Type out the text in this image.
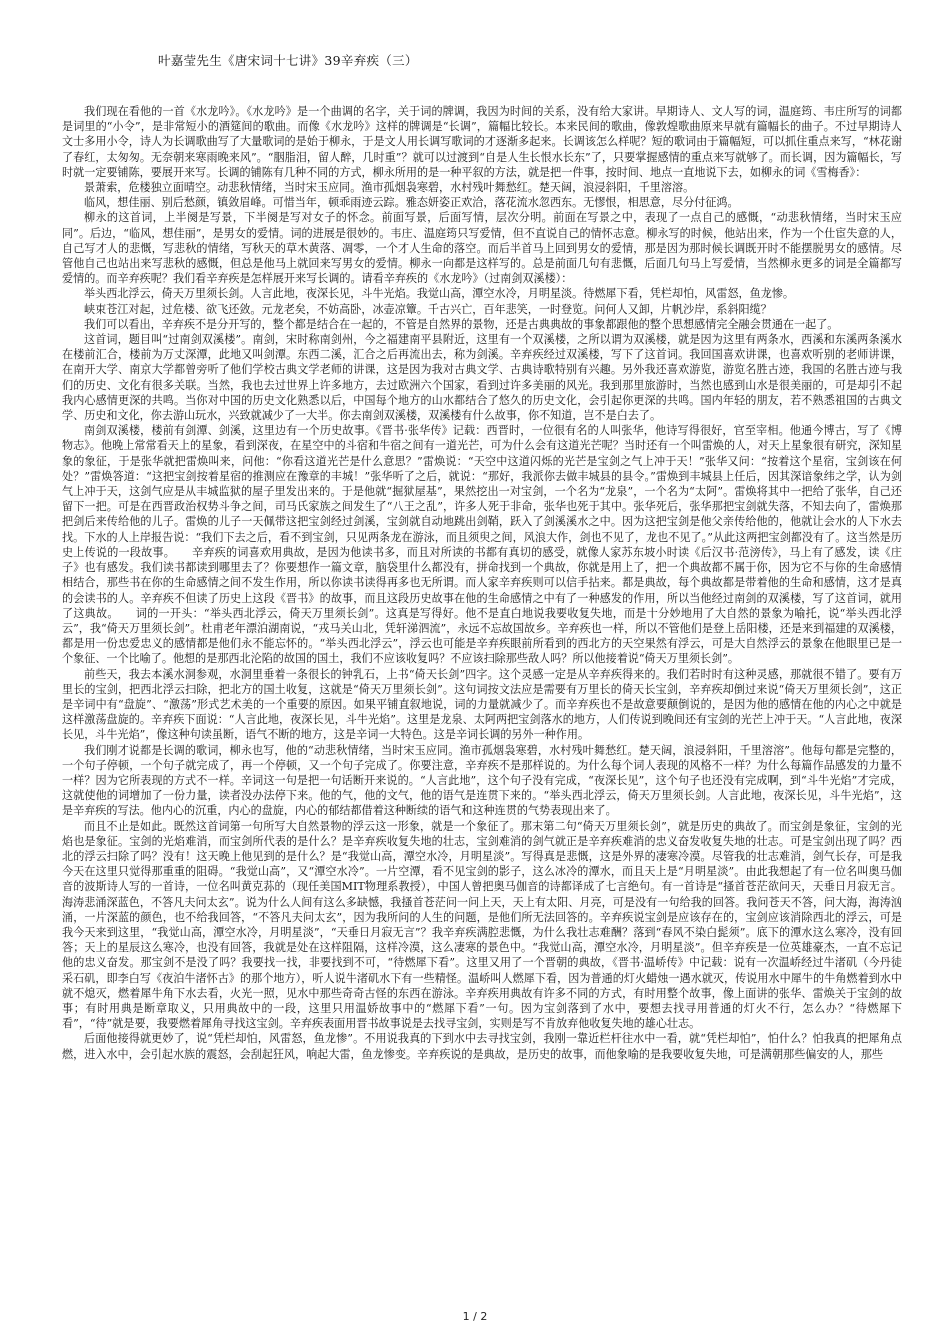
叶嘉莹先生《唐宋词十七讲》39辛弃疾（三）

我们现在看他的一首《水龙吟》。《水龙吟》是一个曲调的名字，关于词的牌调，我因为时间的关系，没有给大家讲。早期诗人、文人写的词，温庭筠、韦庄所写的词都是词里的“小令”，是非常短小的酒筵间的歌曲。而像《水龙吟》这样的牌调是“长调”，篇幅比较长。本来民间的歌曲，像敦煌歌曲原来早就有篇幅长的曲子。不过早期诗人文士多用小令，诗人为长调歌曲写了大量歌词的是始于柳永，于是文人用长调写歌词的才逐渐多起来。长调该怎么样呢？短的歌词由于篇幅短，可以抓住重点来写，“林花谢了春红，太匆匆。无奈朝来寒雨晚来风”。“胭脂泪，留人醉，几时重”？就可以过渡到“自是人生长恨水长东”了，只要掌握感情的重点来写就够了。而长调，因为篇幅长，写时就一定要铺陈，要展开来写。长调的铺陈有几种不同的方式，柳永所用的是一种平叙的方法，就是把一件事，按时间、地点一直地说下去，如柳永的词《雪梅香》：

景萧索，危楼独立面晴空。动悲秋情绪，当时宋玉应同。渔市孤烟袅寒碧，水村残叶舞愁红。楚天阔，浪浸斜阳，千里溶溶。

临风，想佳丽、别后愁颜，镇敛眉峰。可惜当年，顿乖雨迹云踪。雅态妍姿正欢洽，落花流水忽西东。无憀恨，相思意，尽分付征鸿。

柳永的这首词，上半阕是写景，下半阕是写对女子的怀念。前面写景，后面写情，层次分明。前面在写景之中，表现了一点自己的感慨，“动悲秋情绪，当时宋玉应同”。后边，“临风，想佳丽”，是男女的爱情。词的进展是很妙的。韦庄、温庭筠只写爱情，但不直说自己的情怀志意。柳永写的时候，他站出来，作为一个仕宦失意的人，自己写才人的悲慨，写悲秋的情绪，写秋天的草木黄落、凋零，一个才人生命的落空。而后半首马上回到男女的爱情，那是因为那时候长调既开时不能摆脱男女的感情。尽管他自己也站出来写悲秋的感慨，但总是他马上就回来写男女的爱情。柳永一向都是这样写的。总是前面几句有悲慨，后面几句马上写爱情，当然柳永更多的词是全篇都写爱情的。而辛弃疾呢？我们看辛弃疾是怎样展开来写长调的。请看辛弃疾的《水龙吟》（过南剑双溪楼）：

举头西北浮云，倚天万里须长剑。人言此地，夜深长见，斗牛光焰。我觉山高，潭空水冷，月明星淡。待燃犀下看，凭栏却怕，风雷怒，鱼龙惨。

峡束苍江对起，过危楼、欲飞还敛。元龙老矣，不妨高卧，冰壶凉簟。千古兴亡，百年悲笑，一时登览。问何人又卸，片帆沙岸，系斜阳缆？

我们可以看出，辛弃疾不是分开写的，整个都是结合在一起的，不管是自然界的景物，还是古典典故的事象都跟他的整个思想感情完全融会贯通在一起了。

这首词，题目叫“过南剑双溪楼”。南剑，宋时称南剑州，今之福建南平县附近，这里有一个双溪楼，之所以谓为双溪楼，就是因为这里有两条水，西溪和东溪两条溪水在楼前汇合，楼前为万丈深潭，此地又叫剑潭。东西二溪，汇合之后再流出去，称为剑溪。辛弃疾经过双溪楼，写下了这首词。我回国喜欢讲课，也喜欢听别的老师讲课，在南开大学、南京大学都曾旁听了他们学校古典文学老师的讲课，这是因为我对古典文学、古典诗歌特别有兴趣。另外我还喜欢游览，游览名胜古迹，我国的名胜古迹与我们的历史、文化有很多关联。当然，我也去过世界上许多地方，去过欧洲六个国家，看到过许多美丽的风光。我到那里旅游时，当然也感到山水是很美丽的，可是却引不起我内心感情更深的共鸣。当你对中国的历史文化熟悉以后，中国每个地方的山水都结合了悠久的历史文化，会引起你更深的共鸣。国内年轻的朋友，若不熟悉祖国的古典文学、历史和文化，你去游山玩水，兴致就减少了一大半。你去南剑双溪楼，双溪楼有什么故事，你不知道，岂不是白去了。

南剑双溪楼，楼前有剑潭、剑溪，这里边有一个历史故事。《晋书·张华传》记载：西晋时，一位很有名的人叫张华，他诗写得很好，官至宰相。他通今博古，写了《博物志》。他晚上常常看天上的星象，看到深夜，在星空中的斗宿和牛宿之间有一道光芒，可为什么会有这道光芒呢？当时还有一个叫雷焕的人，对天上星象很有研究，深知星象的象征，于是张华就把雷焕叫来，问他：“你看这道光芒是什么意思？”雷焕说：“天空中这道闪烁的光芒是宝剑之气上冲于天！”张华又问：“按着这个星宿，宝剑该在何处？”雷焕答道：“这把宝剑按着星宿的推测应在豫章的丰城！”张华听了之后，就说：“那好，我派你去做丰城县的县令。”雷焕到丰城县上任后，因其深谙象纬之学，认为剑气上冲于天，这剑气应是从丰城监狱的屋子里发出来的。于是他就“掘狱屋基”，果然挖出一对宝剑，一个名为“龙泉”，一个名为“太阿”。雷焕将其中一把给了张华，自己还留下一把。可是在西晋政治权势斗争之间，司马氏家族之间发生了“八王之乱”，许多人死于非命，张华也死于其中。张华死后，张华那把宝剑就失落，不知去向了，雷焕那把剑后来传给他的儿子。雷焕的儿子一天佩带这把宝剑经过剑溪，宝剑就自动地跳出剑鞘，跃入了剑溪溪水之中。因为这把宝剑是他父亲传给他的，他就让会水的人下水去找。下水的人上岸报告说：“我们下去之后，看不到宝剑，只见两条龙在游泳，而且须臾之间，风浪大作，剑也不见了，龙也不见了。”从此这两把宝剑都没有了。这当然是历史上传说的一段故事。　　辛弃疾的词喜欢用典故，是因为他读书多，而且对所读的书都有真切的感受，就像人家苏东坡小时读《后汉书·范滂传》，马上有了感发，读《庄子》也有感发。我们读书都读到哪里去了？你要想作一篇文章，脑袋里什么都没有，拼命找到一个典故，你就是用上了，把一个典故都不属于你，因为它不与你的生命感情相结合，那些书在你的生命感情之间不发生作用，所以你读书读得再多也无所谓。而人家辛弃疾则可以信手拈来。都是典故，每个典故都是带着他的生命和感情，这才是真的会读书的人。辛弃疾不但读了历史上这段《晋书》的故事，而且这段历史故事在他的生命感情之中有了一种感发的作用，所以当他经过南剑的双溪楼，写了这首词，就用了这典故。　　词的一开头：“举头西北浮云，倚天万里须长剑”。这真是写得好。他不是直白地说我要收复失地，而是十分妙地用了大自然的景象为喻托，说“举头西北浮云”，我“倚天万里须长剑”。杜甫老年漂泊湖南说，“戎马关山北，凭轩涕泗流”，永远不忘故国故乡。辛弃疾也一样，所以不管他们是登上岳阳楼，还是来到福建的双溪楼，都是用一份忠爱忠义的感情都是他们永不能忘怀的。“举头西北浮云”，浮云也可能是辛弃疾眼前所看到的西北方的天空果然有浮云，可是大自然浮云的景象在他眼里已是一个象征、一个比喻了。他想的是那西北沦陷的故国的国土，我们不应该收复吗？不应该扫除那些敌人吗？所以他接着说“倚天万里须长剑”。

前些天，我去本溪水洞参观，水洞里垂着一条很长的钟乳石，上书“倚天长剑”四字。这个灵感一定是从辛弃疾得来的。我们若时时有这种灵感，那就很不错了。要有万里长的宝剑，把西北浮云扫除，把北方的国土收复，这就是“倚天万里须长剑”。这句词按文法应是需要有万里长的倚天长宝剑，辛弃疾却倒过来说“倚天万里须长剑”，这正是辛词中有“盘旋”、“激荡”形式艺术美的一个重要的原因。如果平铺直叙地说，词的力量就减少了。而辛弃疾也不是故意要颠倒说的，是因为他的感情在他的内心之中就是这样激荡盘旋的。辛弃疾下面说：“人言此地，夜深长见，斗牛光焰”。这里是龙泉、太阿两把宝剑落水的地方，人们传说到晚间还有宝剑的光芒上冲于天。“人言此地，夜深长见，斗牛光焰”，像这种句读虽断，语气不断的地方，这是辛词一大特色。这是辛词长调的另外一种作用。

我们刚才说都是长调的歌词，柳永也写，他的“动悲秋情绪，当时宋玉应同。渔市孤烟袅寒碧，水村残叶舞愁红。楚天阔，浪浸斜阳，千里溶溶”。他每句都是完整的，一个句子停顿，一个句子就完成了，再一个停顿，又一个句子完成了。你要注意，辛弃疾不是那样说的。为什么每个词人表现的风格不一样？为什么每篇作品感发的力量不一样？因为它所表现的方式不一样。辛词这一句是把一句话断开来说的。“人言此地”，这个句子没有完成，“夜深长见”，这个句子也还没有完成啊，到“斗牛光焰”才完成，这就使他的词增加了一份力量，读者没办法停下来。他的气，他的文气，他的语气是连贯下来的。“举头西北浮云，倚天万里须长剑。人言此地，夜深长见，斗牛光焰”，这是辛弃疾的写法。他内心的沉重，内心的盘旋，内心的郁结都借着这种断续的语气和这种连贯的气势表现出来了。

而且不止是如此。既然这首词第一句所写大自然景物的浮云这一形象，就是一个象征了。那末第二句“倚天万里须长剑”，就是历史的典故了。而宝剑是象征，宝剑的光焰也是象征。宝剑的光焰难消，而宝剑所代表的是什么？是辛弃疾收复失地的壮志，宝剑难消的剑气就正是辛弃疾难消的忠义奋发收复失地的壮志。可是宝剑出现了吗？西北的浮云扫除了吗？没有！这天晚上他见到的是什么？是“我觉山高，潭空水冷，月明星淡”。写得真是悲慨，这是外界的凄寒冷漠。尽管我的壮志难消，剑气长存，可是我今天在这里只觉得那重重的阻碍。“我觉山高”，又“潭空水冷”。一片空潭，看不见宝剑的影子，这么冰冷的潭水，而且天上是“月明星淡”。由此我想起了有一位名叫奥马伽音的波斯诗人写的一首诗，一位名叫黄克荪的（现任美国MIT物理系教授），中国人曾把奥马伽音的诗都译成了七言绝句。有一首诗是“搔首苍茫欲问天，天垂日月寂无言。海涛悲涌深蓝色，不答凡夫问太玄”。说为什么人间有这么多缺憾，我搔首苍茫问一问上天，天上有太阳、月亮，可是没有一句给我的回答。我问苍天不答，问大海，海涛汹涌，一片深蓝的颜色，也不给我回答，“不答凡夫问太玄”，因为我所问的人生的问题，是他们所无法回答的。辛弃疾说宝剑是应该存在的，宝剑应该消除西北的浮云，可是我今天来到这里，“我觉山高，潭空水冷，月明星淡”，“天垂日月寂无言”？我辛弃疾满腔悲慨，为什么我壮志难酬？落到“春风不染白髭须”。底下的潭水这么寒冷，没有回答；天上的星辰这么寒冷，也没有回答，我就是处在这样阻隔，这样冷漠，这么凄寒的景色中。“我觉山高，潭空水冷，月明星淡”。但辛弃疾是一位英雄豪杰，一直不忘记他的忠义奋发。那宝剑不是没了吗？我要找一找，非要找到不可，“待燃犀下看”。这里又用了一个晋朝的典故，《晋书·温峤传》中记载：说有一次温峤经过牛渚矶（今丹徒采石矶，即李白写《夜泊牛渚怀古》的那个地方），听人说牛渚矶水下有一些精怪。温峤叫人燃犀下看，因为普通的灯火蜡烛一遇水就灭，传说用水中犀牛的牛角燃着到水中就不熄灭，燃着犀牛角下水去看，火光一照，见水中那些奇奇古怪的东西在游泳。辛弃疾用典故有许多不同的方式，有时用整个故事，像上面讲的张华、雷焕关于宝剑的故事；有时用典是断章取义，只用典故中的一段，这里只用温娇故事中的“燃犀下看”一句。因为宝剑落到了水中，要想去找寻用普通的灯火不行，怎么办？“待燃犀下看”，“待”就是要，我要燃着犀角寻找这宝剑。辛弃疾表面用晋书故事说是去找寻宝剑，实则是写不肯放弃他收复失地的雄心壮志。

后面他接得就更妙了，说“凭栏却怕，风雷怒，鱼龙惨”。不用说我真的下到水中去寻找宝剑，我刚一靠近栏杆往水中一看，就“凭栏却怕”，怕什么？怕我真的把犀角点燃，进入水中，会引起水族的震怒，会刮起狂风，响起大雷，鱼龙惨变。辛弃疾说的是典故，是历史的故事，而他象喻的是我要收复失地，可是满朝那些偏安的人，那些

1 / 2
